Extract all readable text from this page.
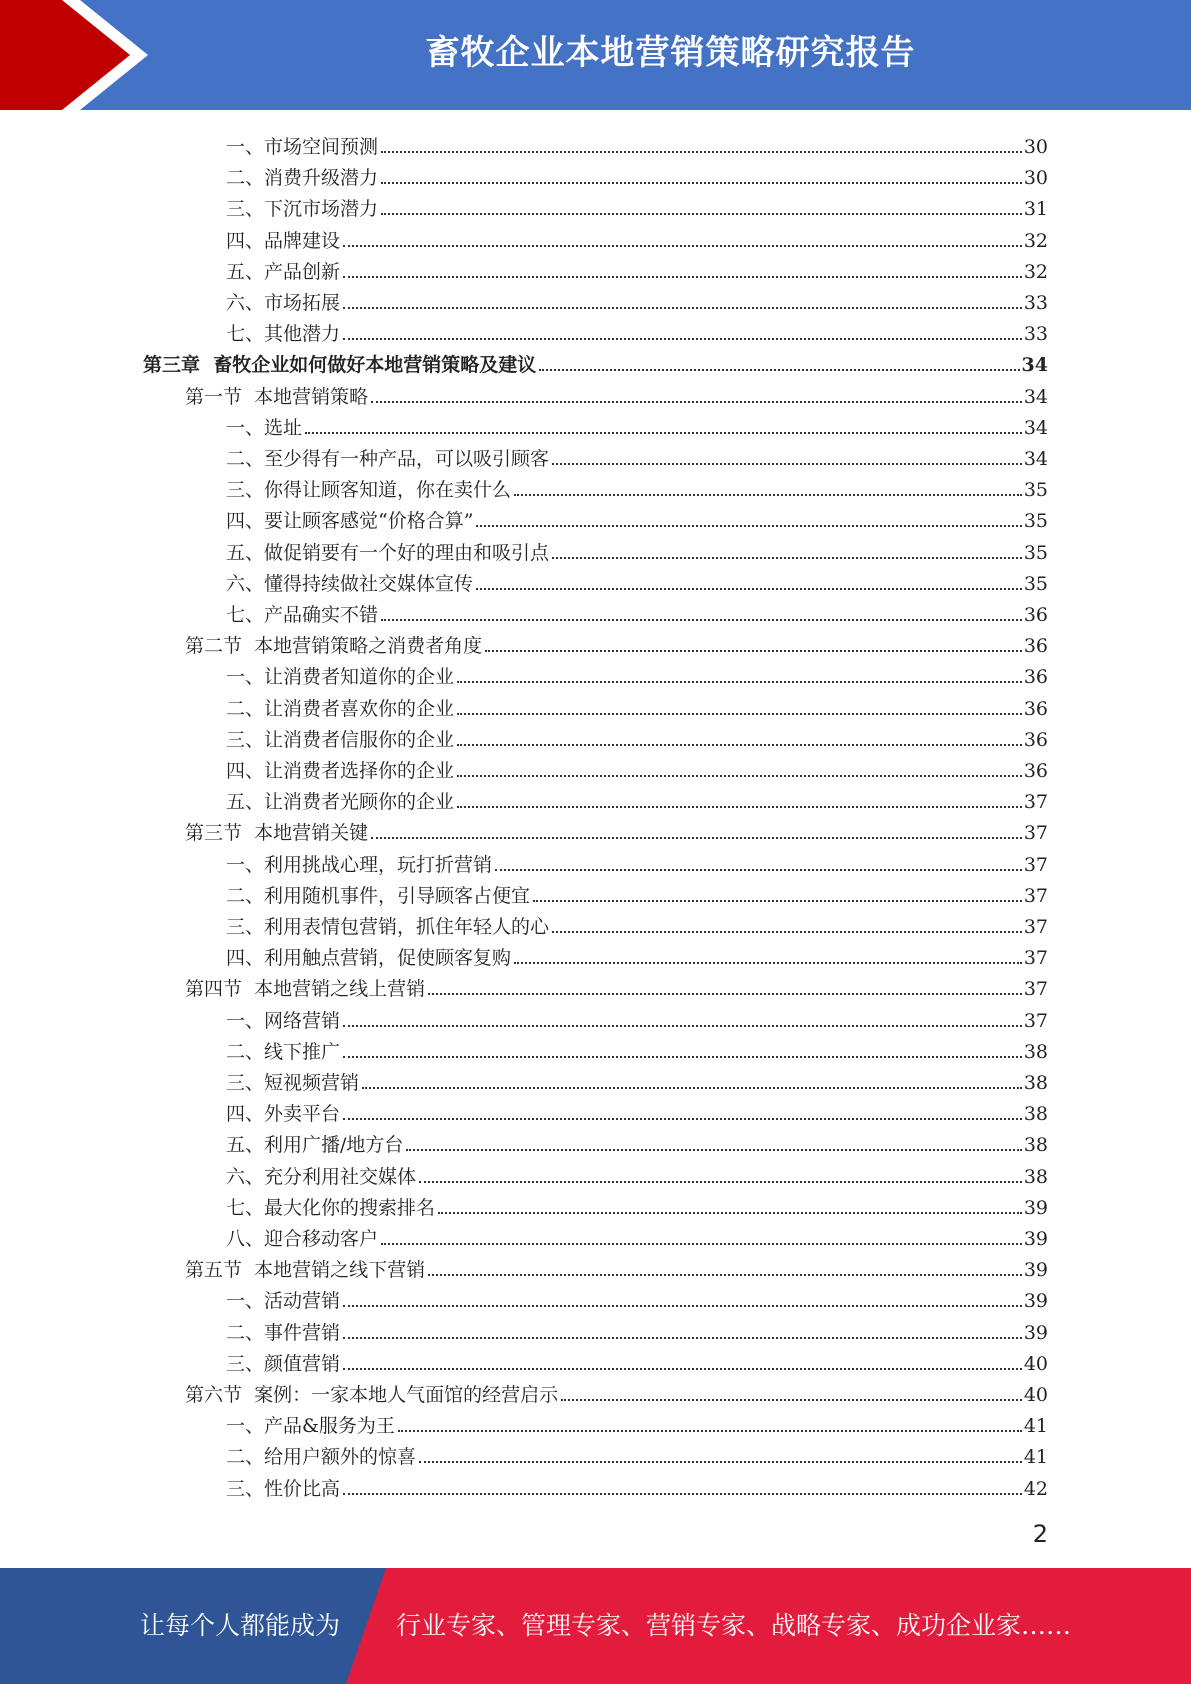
畜牧企业本地营销策略研究报告
一、市场空间预测	30
二、消费升级潜力	30
三、下沉市场潜力	31
四、品牌建设	32
五、产品创新	32
六、市场拓展	33
七、其他潜力	33
第三章  畜牧企业如何做好本地营销策略及建议	34
第一节  本地营销策略	34
一、选址	34
二、至少得有一种产品，可以吸引顾客	34
三、你得让顾客知道，你在卖什么	35
四、要让顾客感觉“价格合算”	35
五、做促销要有一个好的理由和吸引点	35
六、懂得持续做社交媒体宣传	35
七、产品确实不错	36
第二节  本地营销策略之消费者角度	36
一、让消费者知道你的企业	36
二、让消费者喜欢你的企业	36
三、让消费者信服你的企业	36
四、让消费者选择你的企业	36
五、让消费者光顾你的企业	37
第三节  本地营销关键	37
一、利用挑战心理，玩打折营销	37
二、利用随机事件，引导顾客占便宜	37
三、利用表情包营销，抓住年轻人的心	37
四、利用触点营销，促使顾客复购	37
第四节  本地营销之线上营销	37
一、网络营销	37
二、线下推广	38
三、短视频营销	38
四、外卖平台	38
五、利用广播/地方台	38
六、充分利用社交媒体	38
七、最大化你的搜索排名	39
八、迎合移动客户	39
第五节  本地营销之线下营销	39
一、活动营销	39
二、事件营销	39
三、颜值营销	40
第六节  案例：一家本地人气面馆的经营启示	40
一、产品&服务为王	41
二、给用户额外的惊喜	41
三、性价比高	42
2
让每个人都能成为 行业专家、管理专家、营销专家、战略专家、成功企业家……
